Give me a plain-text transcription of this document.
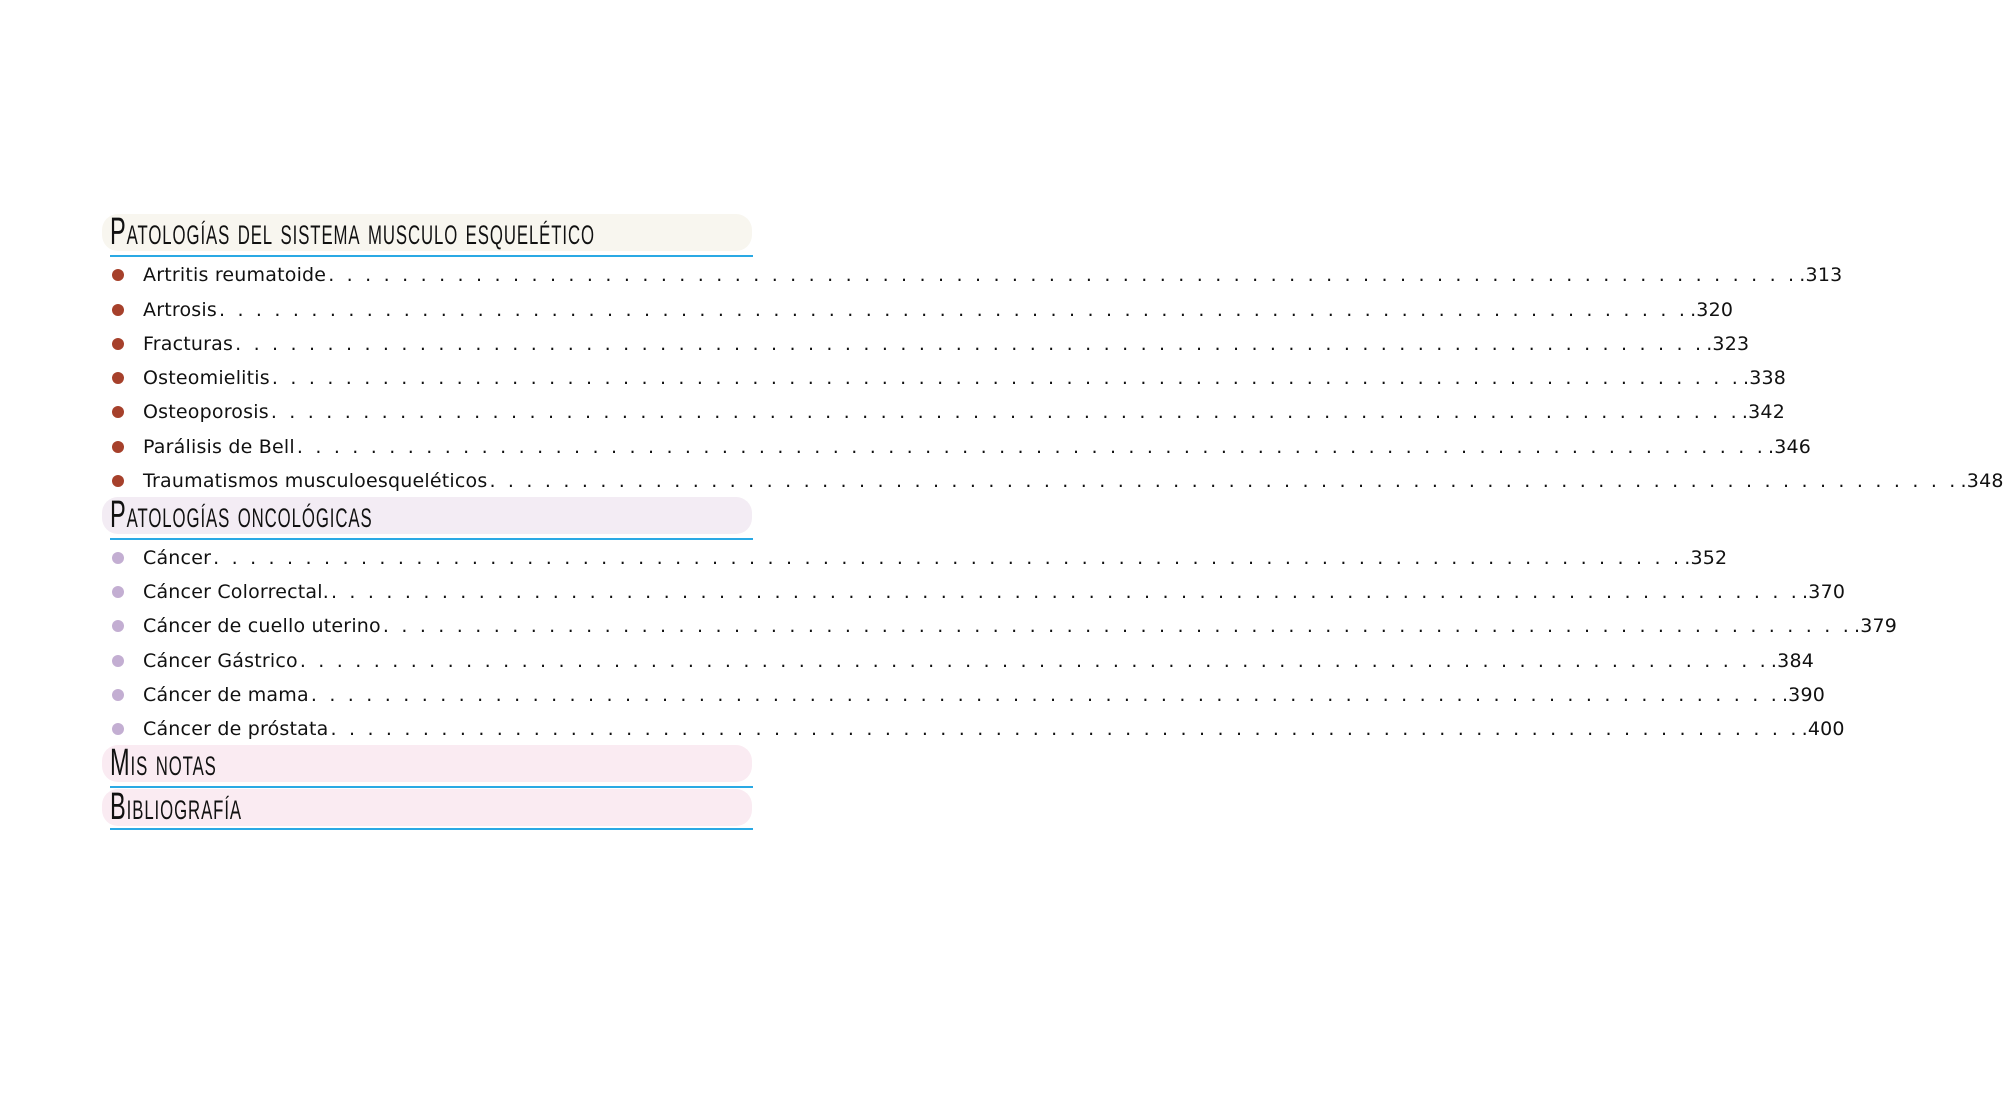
Patologías del sistema musculo esquelético
Artritis reumatoide . . . . . . . . . . . . . . . . . . . . . . . . . . . . . . . . . . . . . . . . . . . . . . . . . . . . . . . . . . . . . . . . . . . . . . . . . . . . . . . . .313
Artrosis . . . . . . . . . . . . . . . . . . . . . . . . . . . . . . . . . . . . . . . . . . . . . . . . . . . . . . . . . . . . . . . . . . . . . . . . . . . . . . . . .320
Fracturas . . . . . . . . . . . . . . . . . . . . . . . . . . . . . . . . . . . . . . . . . . . . . . . . . . . . . . . . . . . . . . . . . . . . . . . . . . . . . . . . .323
Osteomielitis . . . . . . . . . . . . . . . . . . . . . . . . . . . . . . . . . . . . . . . . . . . . . . . . . . . . . . . . . . . . . . . . . . . . . . . . . . . . . . . . .338
Osteoporosis . . . . . . . . . . . . . . . . . . . . . . . . . . . . . . . . . . . . . . . . . . . . . . . . . . . . . . . . . . . . . . . . . . . . . . . . . . . . . . . . .342
Parálisis de Bell . . . . . . . . . . . . . . . . . . . . . . . . . . . . . . . . . . . . . . . . . . . . . . . . . . . . . . . . . . . . . . . . . . . . . . . . . . . . . . . . .346
Traumatismos musculoesqueléticos . . . . . . . . . . . . . . . . . . . . . . . . . . . . . . . . . . . . . . . . . . . . . . . . . . . . . . . . . . . . . . . . . . . . . . . . . . . . . . . . .348
Patologías oncológicas
Cáncer . . . . . . . . . . . . . . . . . . . . . . . . . . . . . . . . . . . . . . . . . . . . . . . . . . . . . . . . . . . . . . . . . . . . . . . . . . . . . . . . .352
Cáncer Colorrectal. . . . . . . . . . . . . . . . . . . . . . . . . . . . . . . . . . . . . . . . . . . . . . . . . . . . . . . . . . . . . . . . . . . . . . . . . . . . . . . . . .370
Cáncer de cuello uterino . . . . . . . . . . . . . . . . . . . . . . . . . . . . . . . . . . . . . . . . . . . . . . . . . . . . . . . . . . . . . . . . . . . . . . . . . . . . . . . . .379
Cáncer Gástrico . . . . . . . . . . . . . . . . . . . . . . . . . . . . . . . . . . . . . . . . . . . . . . . . . . . . . . . . . . . . . . . . . . . . . . . . . . . . . . . . .384
Cáncer de mama . . . . . . . . . . . . . . . . . . . . . . . . . . . . . . . . . . . . . . . . . . . . . . . . . . . . . . . . . . . . . . . . . . . . . . . . . . . . . . . . .390
Cáncer de próstata . . . . . . . . . . . . . . . . . . . . . . . . . . . . . . . . . . . . . . . . . . . . . . . . . . . . . . . . . . . . . . . . . . . . . . . . . . . . . . . . .400
Mis notas
Bibliografía
